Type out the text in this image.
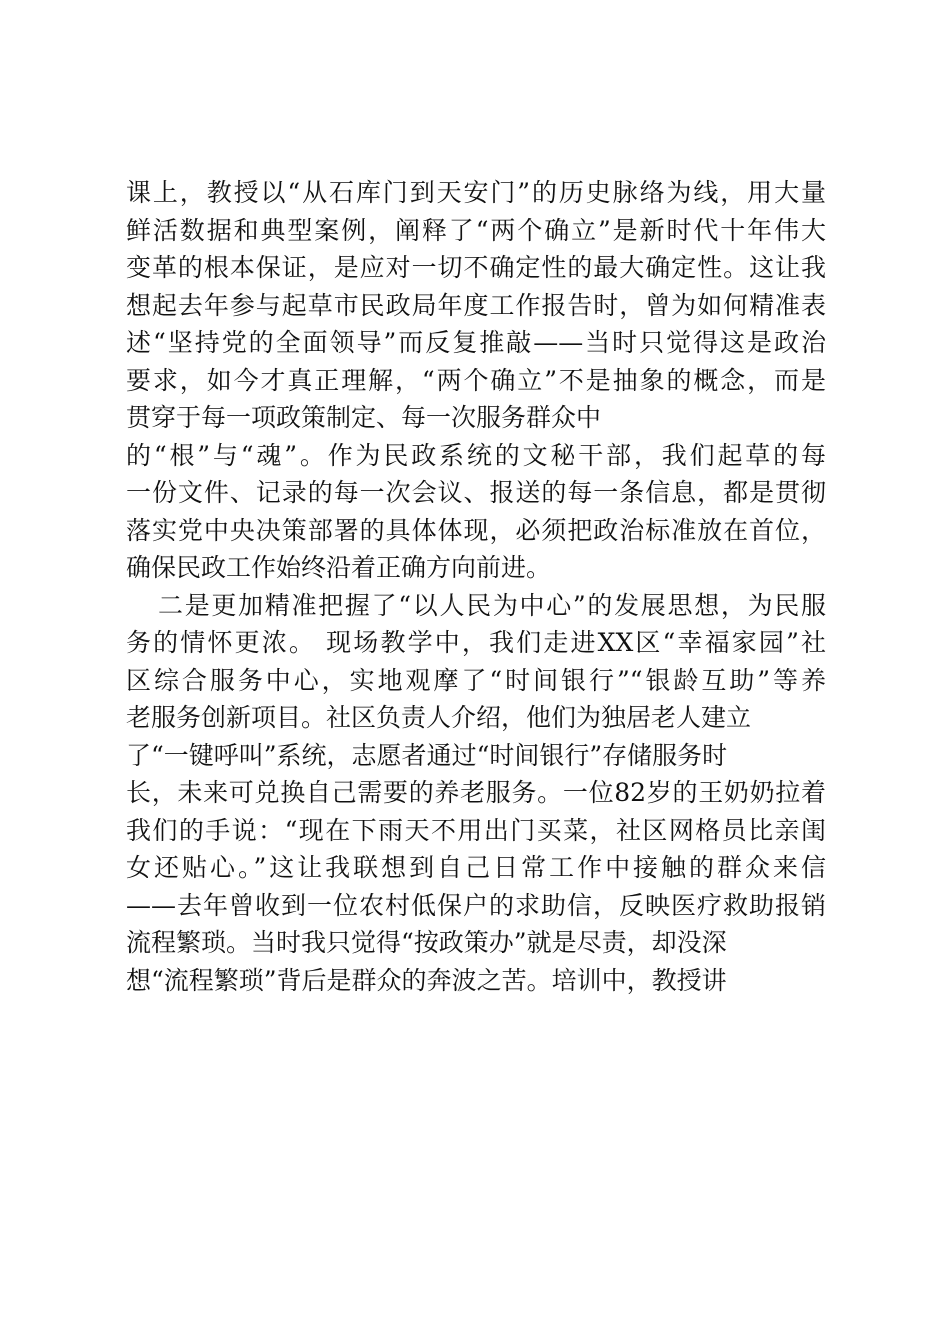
课上，教授以“从石库门到天安门”的历史脉络为线，用大量
鲜活数据和典型案例，阐释了“两个确立”是新时代十年伟大
变革的根本保证，是应对一切不确定性的最大确定性。这让我
想起去年参与起草市民政局年度工作报告时，曾为如何精准表
述“坚持党的全面领导”而反复推敲——当时只觉得这是政治
要求，如今才真正理解，“两个确立”不是抽象的概念，而是
贯穿于每一项政策制定、每一次服务群众中
的“根”与“魂”。作为民政系统的文秘干部，我们起草的每
一份文件、记录的每一次会议、报送的每一条信息，都是贯彻
落实党中央决策部署的具体体现，必须把政治标准放在首位，
确保民政工作始终沿着正确方向前进。
二是更加精准把握了“以人民为中心”的发展思想，为民服
务的情怀更浓。 现场教学中，我们走进XX区“幸福家园”社
区综合服务中心，实地观摩了“时间银行”“银龄互助”等养
老服务创新项目。社区负责人介绍，他们为独居老人建立
了“一键呼叫”系统，志愿者通过“时间银行”存储服务时
长，未来可兑换自己需要的养老服务。一位82岁的王奶奶拉着
我们的手说：“现在下雨天不用出门买菜，社区网格员比亲闺
女还贴心。”这让我联想到自己日常工作中接触的群众来信
——去年曾收到一位农村低保户的求助信，反映医疗救助报销
流程繁琐。当时我只觉得“按政策办”就是尽责，却没深
想“流程繁琐”背后是群众的奔波之苦。培训中，教授讲
